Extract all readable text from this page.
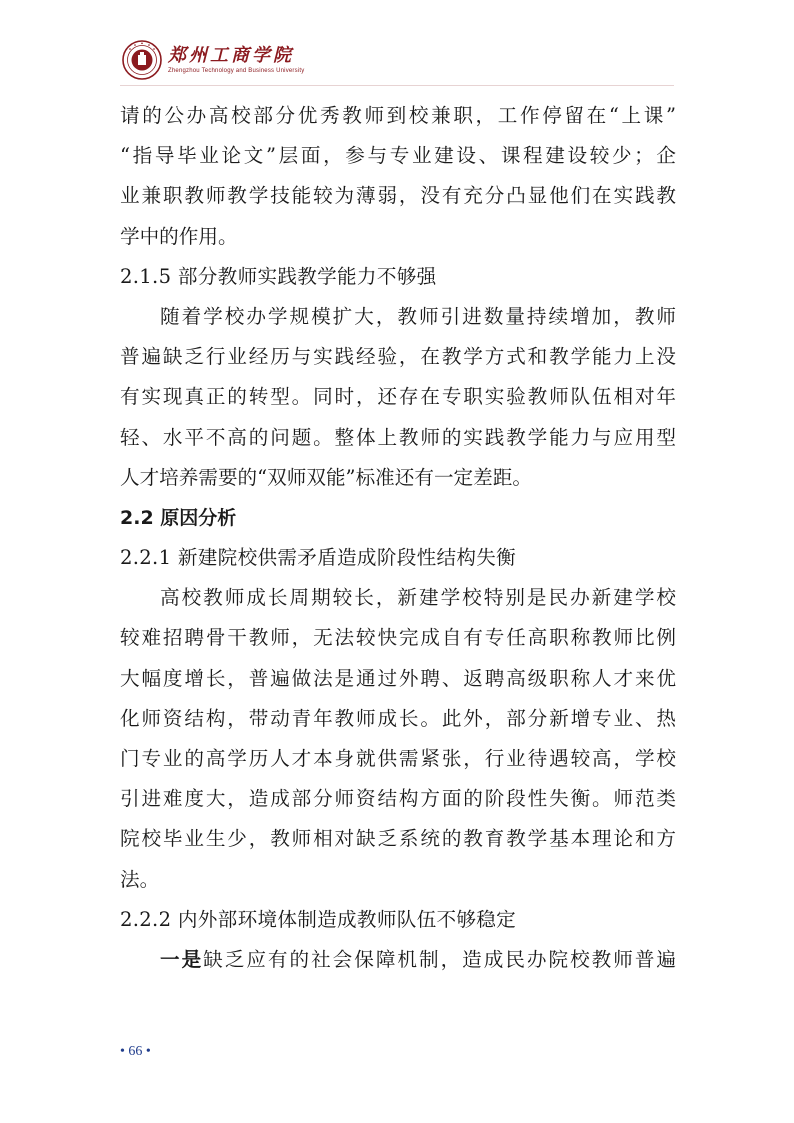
郑州工商学院
Zhengzhou Technology and Business University
请的公办高校部分优秀教师到校兼职，工作停留在“上课”
“指导毕业论文”层面，参与专业建设、课程建设较少；企
业兼职教师教学技能较为薄弱，没有充分凸显他们在实践教
学中的作用。
2.1.5 部分教师实践教学能力不够强
随着学校办学规模扩大，教师引进数量持续增加，教师
普遍缺乏行业经历与实践经验，在教学方式和教学能力上没
有实现真正的转型。同时，还存在专职实验教师队伍相对年
轻、水平不高的问题。整体上教师的实践教学能力与应用型
人才培养需要的“双师双能”标准还有一定差距。
2.2 原因分析
2.2.1 新建院校供需矛盾造成阶段性结构失衡
高校教师成长周期较长，新建学校特别是民办新建学校
较难招聘骨干教师，无法较快完成自有专任高职称教师比例
大幅度增长，普遍做法是通过外聘、返聘高级职称人才来优
化师资结构，带动青年教师成长。此外，部分新增专业、热
门专业的高学历人才本身就供需紧张，行业待遇较高，学校
引进难度大，造成部分师资结构方面的阶段性失衡。师范类
院校毕业生少，教师相对缺乏系统的教育教学基本理论和方
法。
2.2.2 内外部环境体制造成教师队伍不够稳定
一是缺乏应有的社会保障机制，造成民办院校教师普遍
• 66 •
